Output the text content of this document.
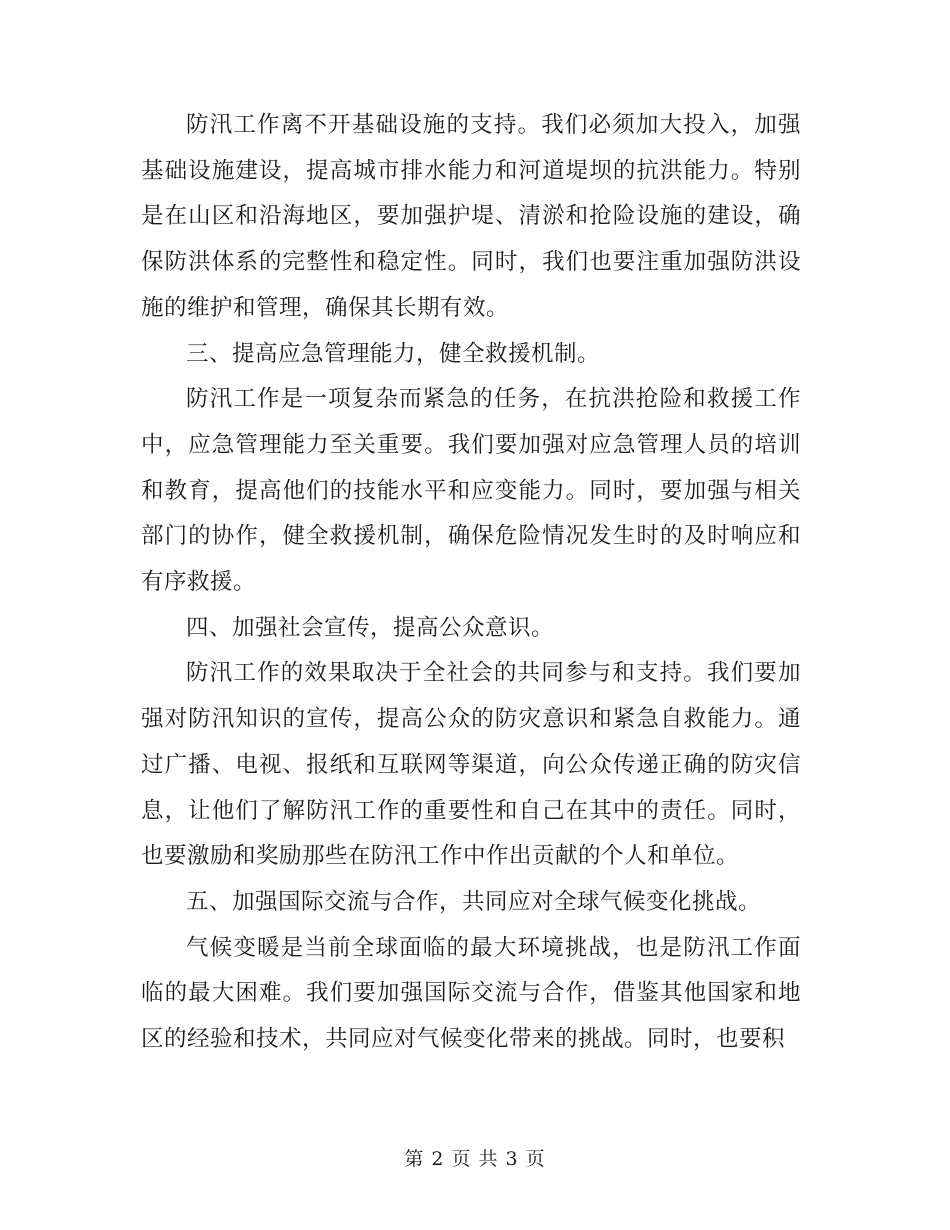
防汛工作离不开基础设施的支持。我们必须加大投入，加强基础设施建设，提高城市排水能力和河道堤坝的抗洪能力。特别是在山区和沿海地区，要加强护堤、清淤和抢险设施的建设，确保防洪体系的完整性和稳定性。同时，我们也要注重加强防洪设施的维护和管理，确保其长期有效。

三、提高应急管理能力，健全救援机制。

防汛工作是一项复杂而紧急的任务，在抗洪抢险和救援工作中，应急管理能力至关重要。我们要加强对应急管理人员的培训和教育，提高他们的技能水平和应变能力。同时，要加强与相关部门的协作，健全救援机制，确保危险情况发生时的及时响应和有序救援。

四、加强社会宣传，提高公众意识。

防汛工作的效果取决于全社会的共同参与和支持。我们要加强对防汛知识的宣传，提高公众的防灾意识和紧急自救能力。通过广播、电视、报纸和互联网等渠道，向公众传递正确的防灾信息，让他们了解防汛工作的重要性和自己在其中的责任。同时，也要激励和奖励那些在防汛工作中作出贡献的个人和单位。

五、加强国际交流与合作，共同应对全球气候变化挑战。

气候变暖是当前全球面临的最大环境挑战，也是防汛工作面临的最大困难。我们要加强国际交流与合作，借鉴其他国家和地区的经验和技术，共同应对气候变化带来的挑战。同时，也要积

第 2 页 共 3 页
